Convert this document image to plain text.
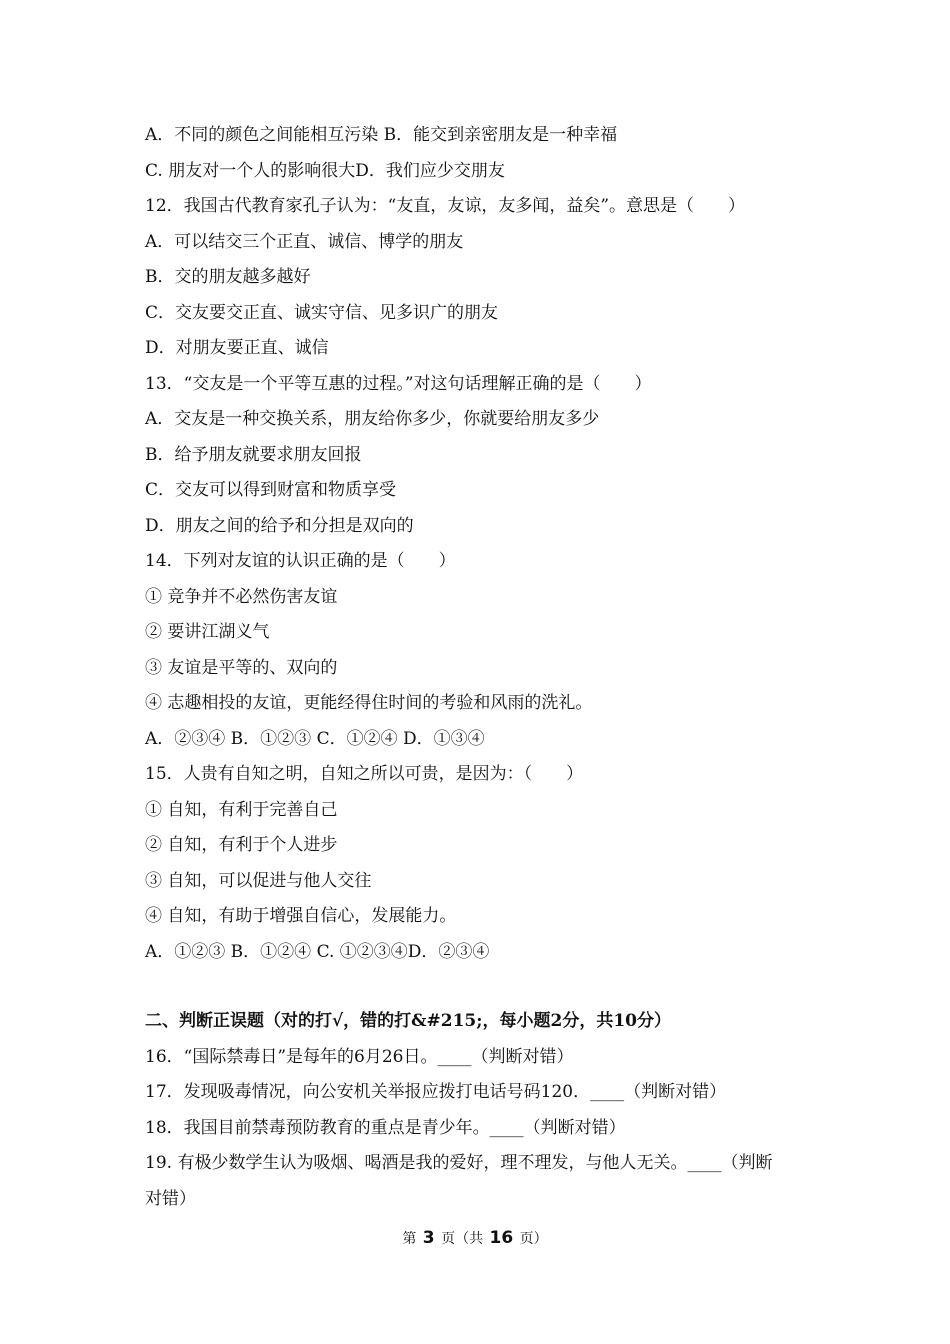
A．不同的颜色之间能相互污染 B．能交到亲密朋友是一种幸福
C. 朋友对一个人的影响很大D．我们应少交朋友
12．我国古代教育家孔子认为：“友直，友谅，友多闻，益矣”。意思是（　　）
A．可以结交三个正直、诚信、博学的朋友
B．交的朋友越多越好
C．交友要交正直、诚实守信、见多识广的朋友
D．对朋友要正直、诚信
13．“交友是一个平等互惠的过程。”对这句话理解正确的是（　　）
A．交友是一种交换关系，朋友给你多少，你就要给朋友多少
B．给予朋友就要求朋友回报
C．交友可以得到财富和物质享受
D．朋友之间的给予和分担是双向的
14．下列对友谊的认识正确的是（　　）
① 竞争并不必然伤害友谊
② 要讲江湖义气
③ 友谊是平等的、双向的
④ 志趣相投的友谊，更能经得住时间的考验和风雨的洗礼。
A．②③④ B．①②③ C．①②④ D．①③④
15．人贵有自知之明，自知之所以可贵，是因为：（　　）
① 自知，有利于完善自己
② 自知，有利于个人进步
③ 自知，可以促进与他人交往
④ 自知，有助于增强自信心，发展能力。
A．①②③ B．①②④ C. ①②③④D．②③④
二、判断正误题（对的打√，错的打&#215;，每小题2分，共10分）
16．“国际禁毒日”是每年的6月26日。____（判断对错）
17．发现吸毒情况，向公安机关举报应拨打电话号码120．____（判断对错）
18．我国目前禁毒预防教育的重点是青少年。____（判断对错）
19. 有极少数学生认为吸烟、喝酒是我的爱好，理不理发，与他人无关。____（判断
对错）
第 3 页（共 16 页）
